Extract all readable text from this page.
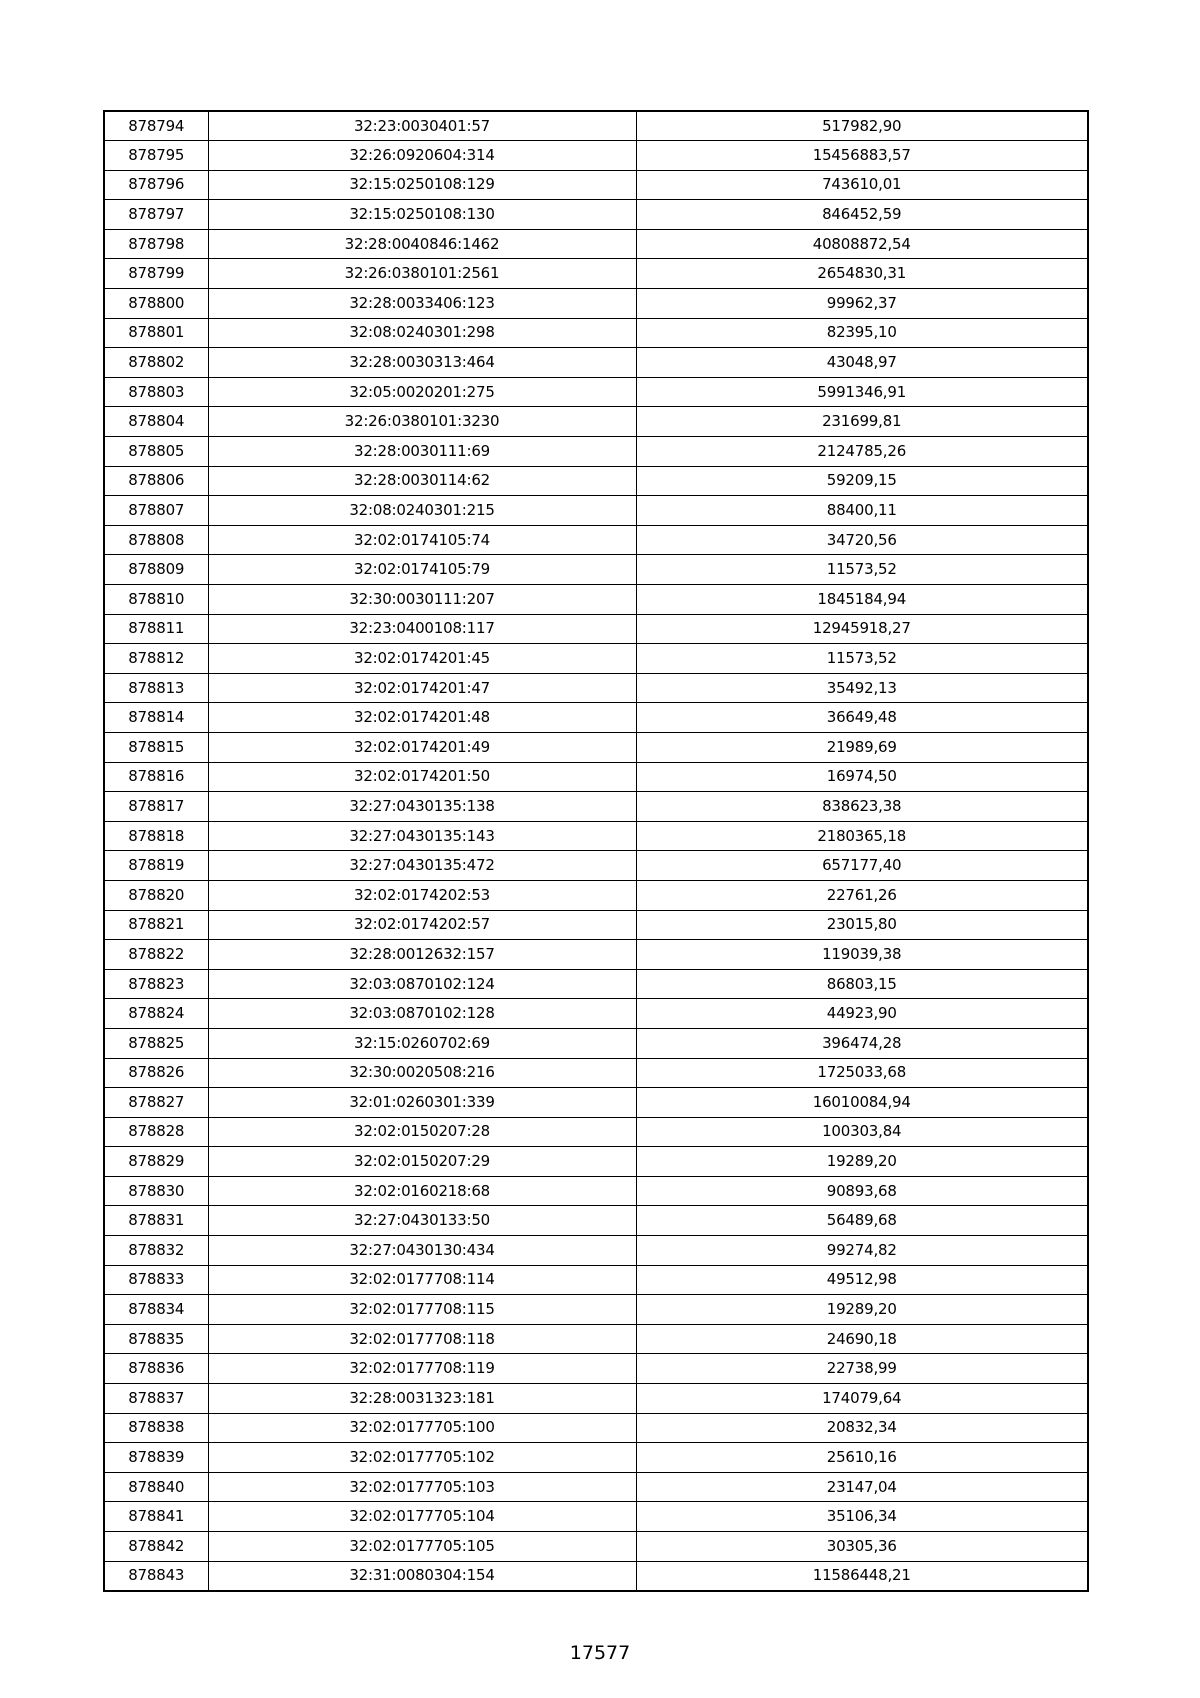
878794	32:23:0030401:57	517982,90
878795	32:26:0920604:314	15456883,57
878796	32:15:0250108:129	743610,01
878797	32:15:0250108:130	846452,59
878798	32:28:0040846:1462	40808872,54
878799	32:26:0380101:2561	2654830,31
878800	32:28:0033406:123	99962,37
878801	32:08:0240301:298	82395,10
878802	32:28:0030313:464	43048,97
878803	32:05:0020201:275	5991346,91
878804	32:26:0380101:3230	231699,81
878805	32:28:0030111:69	2124785,26
878806	32:28:0030114:62	59209,15
878807	32:08:0240301:215	88400,11
878808	32:02:0174105:74	34720,56
878809	32:02:0174105:79	11573,52
878810	32:30:0030111:207	1845184,94
878811	32:23:0400108:117	12945918,27
878812	32:02:0174201:45	11573,52
878813	32:02:0174201:47	35492,13
878814	32:02:0174201:48	36649,48
878815	32:02:0174201:49	21989,69
878816	32:02:0174201:50	16974,50
878817	32:27:0430135:138	838623,38
878818	32:27:0430135:143	2180365,18
878819	32:27:0430135:472	657177,40
878820	32:02:0174202:53	22761,26
878821	32:02:0174202:57	23015,80
878822	32:28:0012632:157	119039,38
878823	32:03:0870102:124	86803,15
878824	32:03:0870102:128	44923,90
878825	32:15:0260702:69	396474,28
878826	32:30:0020508:216	1725033,68
878827	32:01:0260301:339	16010084,94
878828	32:02:0150207:28	100303,84
878829	32:02:0150207:29	19289,20
878830	32:02:0160218:68	90893,68
878831	32:27:0430133:50	56489,68
878832	32:27:0430130:434	99274,82
878833	32:02:0177708:114	49512,98
878834	32:02:0177708:115	19289,20
878835	32:02:0177708:118	24690,18
878836	32:02:0177708:119	22738,99
878837	32:28:0031323:181	174079,64
878838	32:02:0177705:100	20832,34
878839	32:02:0177705:102	25610,16
878840	32:02:0177705:103	23147,04
878841	32:02:0177705:104	35106,34
878842	32:02:0177705:105	30305,36
878843	32:31:0080304:154	11586448,21
17577
